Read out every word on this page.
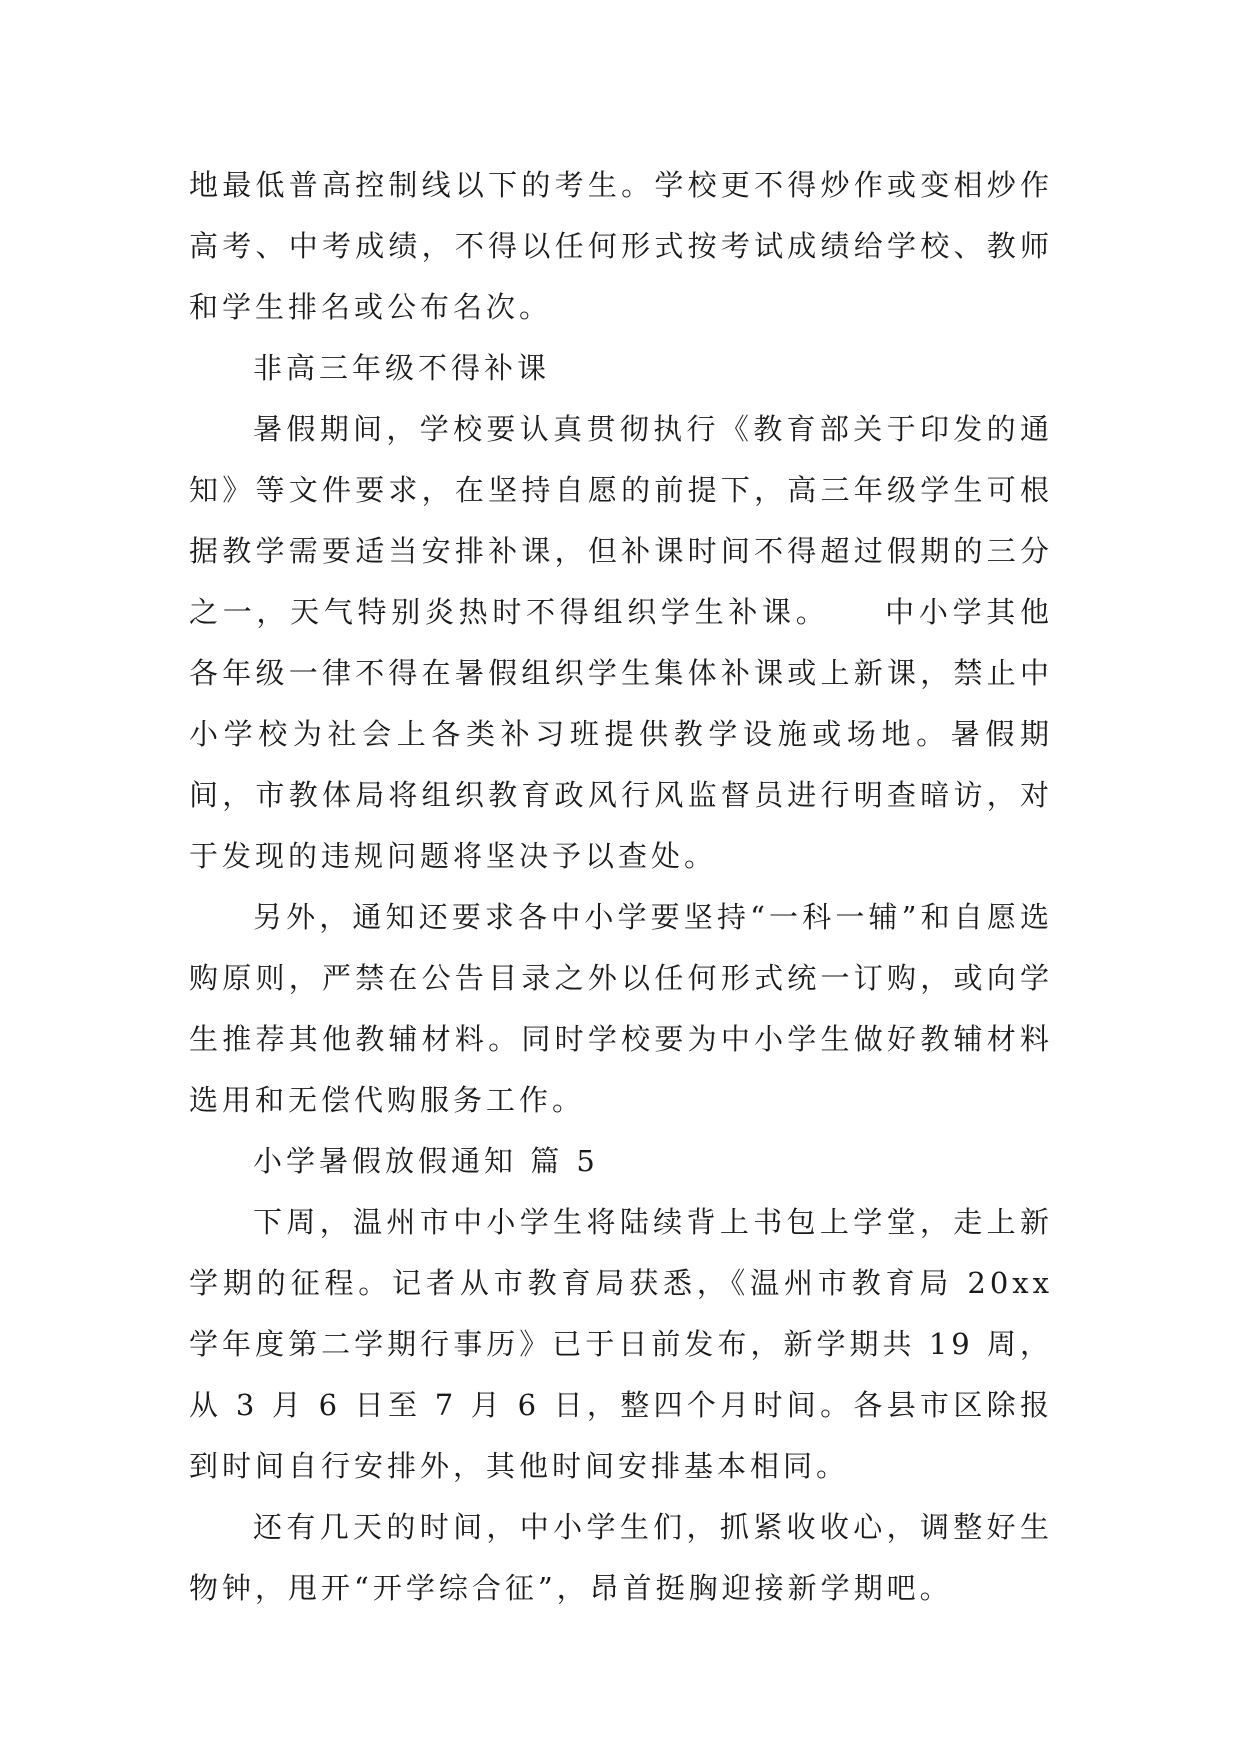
地最低普高控制线以下的考生。学校更不得炒作或变相炒作高考、中考成绩，不得以任何形式按考试成绩给学校、教师和学生排名或公布名次。

非高三年级不得补课

暑假期间，学校要认真贯彻执行《教育部关于印发的通知》等文件要求，在坚持自愿的前提下，高三年级学生可根据教学需要适当安排补课，但补课时间不得超过假期的三分之一，天气特别炎热时不得组织学生补课。    中小学其他各年级一律不得在暑假组织学生集体补课或上新课，禁止中小学校为社会上各类补习班提供教学设施或场地。暑假期间，市教体局将组织教育政风行风监督员进行明查暗访，对于发现的违规问题将坚决予以查处。

另外，通知还要求各中小学要坚持“一科一辅”和自愿选购原则，严禁在公告目录之外以任何形式统一订购，或向学生推荐其他教辅材料。同时学校要为中小学生做好教辅材料选用和无偿代购服务工作。

小学暑假放假通知 篇 5

下周，温州市中小学生将陆续背上书包上学堂，走上新学期的征程。记者从市教育局获悉，《温州市教育局 20xx 学年度第二学期行事历》已于日前发布，新学期共 19 周，从 3 月 6 日至 7 月 6 日，整四个月时间。各县市区除报到时间自行安排外，其他时间安排基本相同。

还有几天的时间，中小学生们，抓紧收收心，调整好生物钟，甩开“开学综合征”，昂首挺胸迎接新学期吧。
